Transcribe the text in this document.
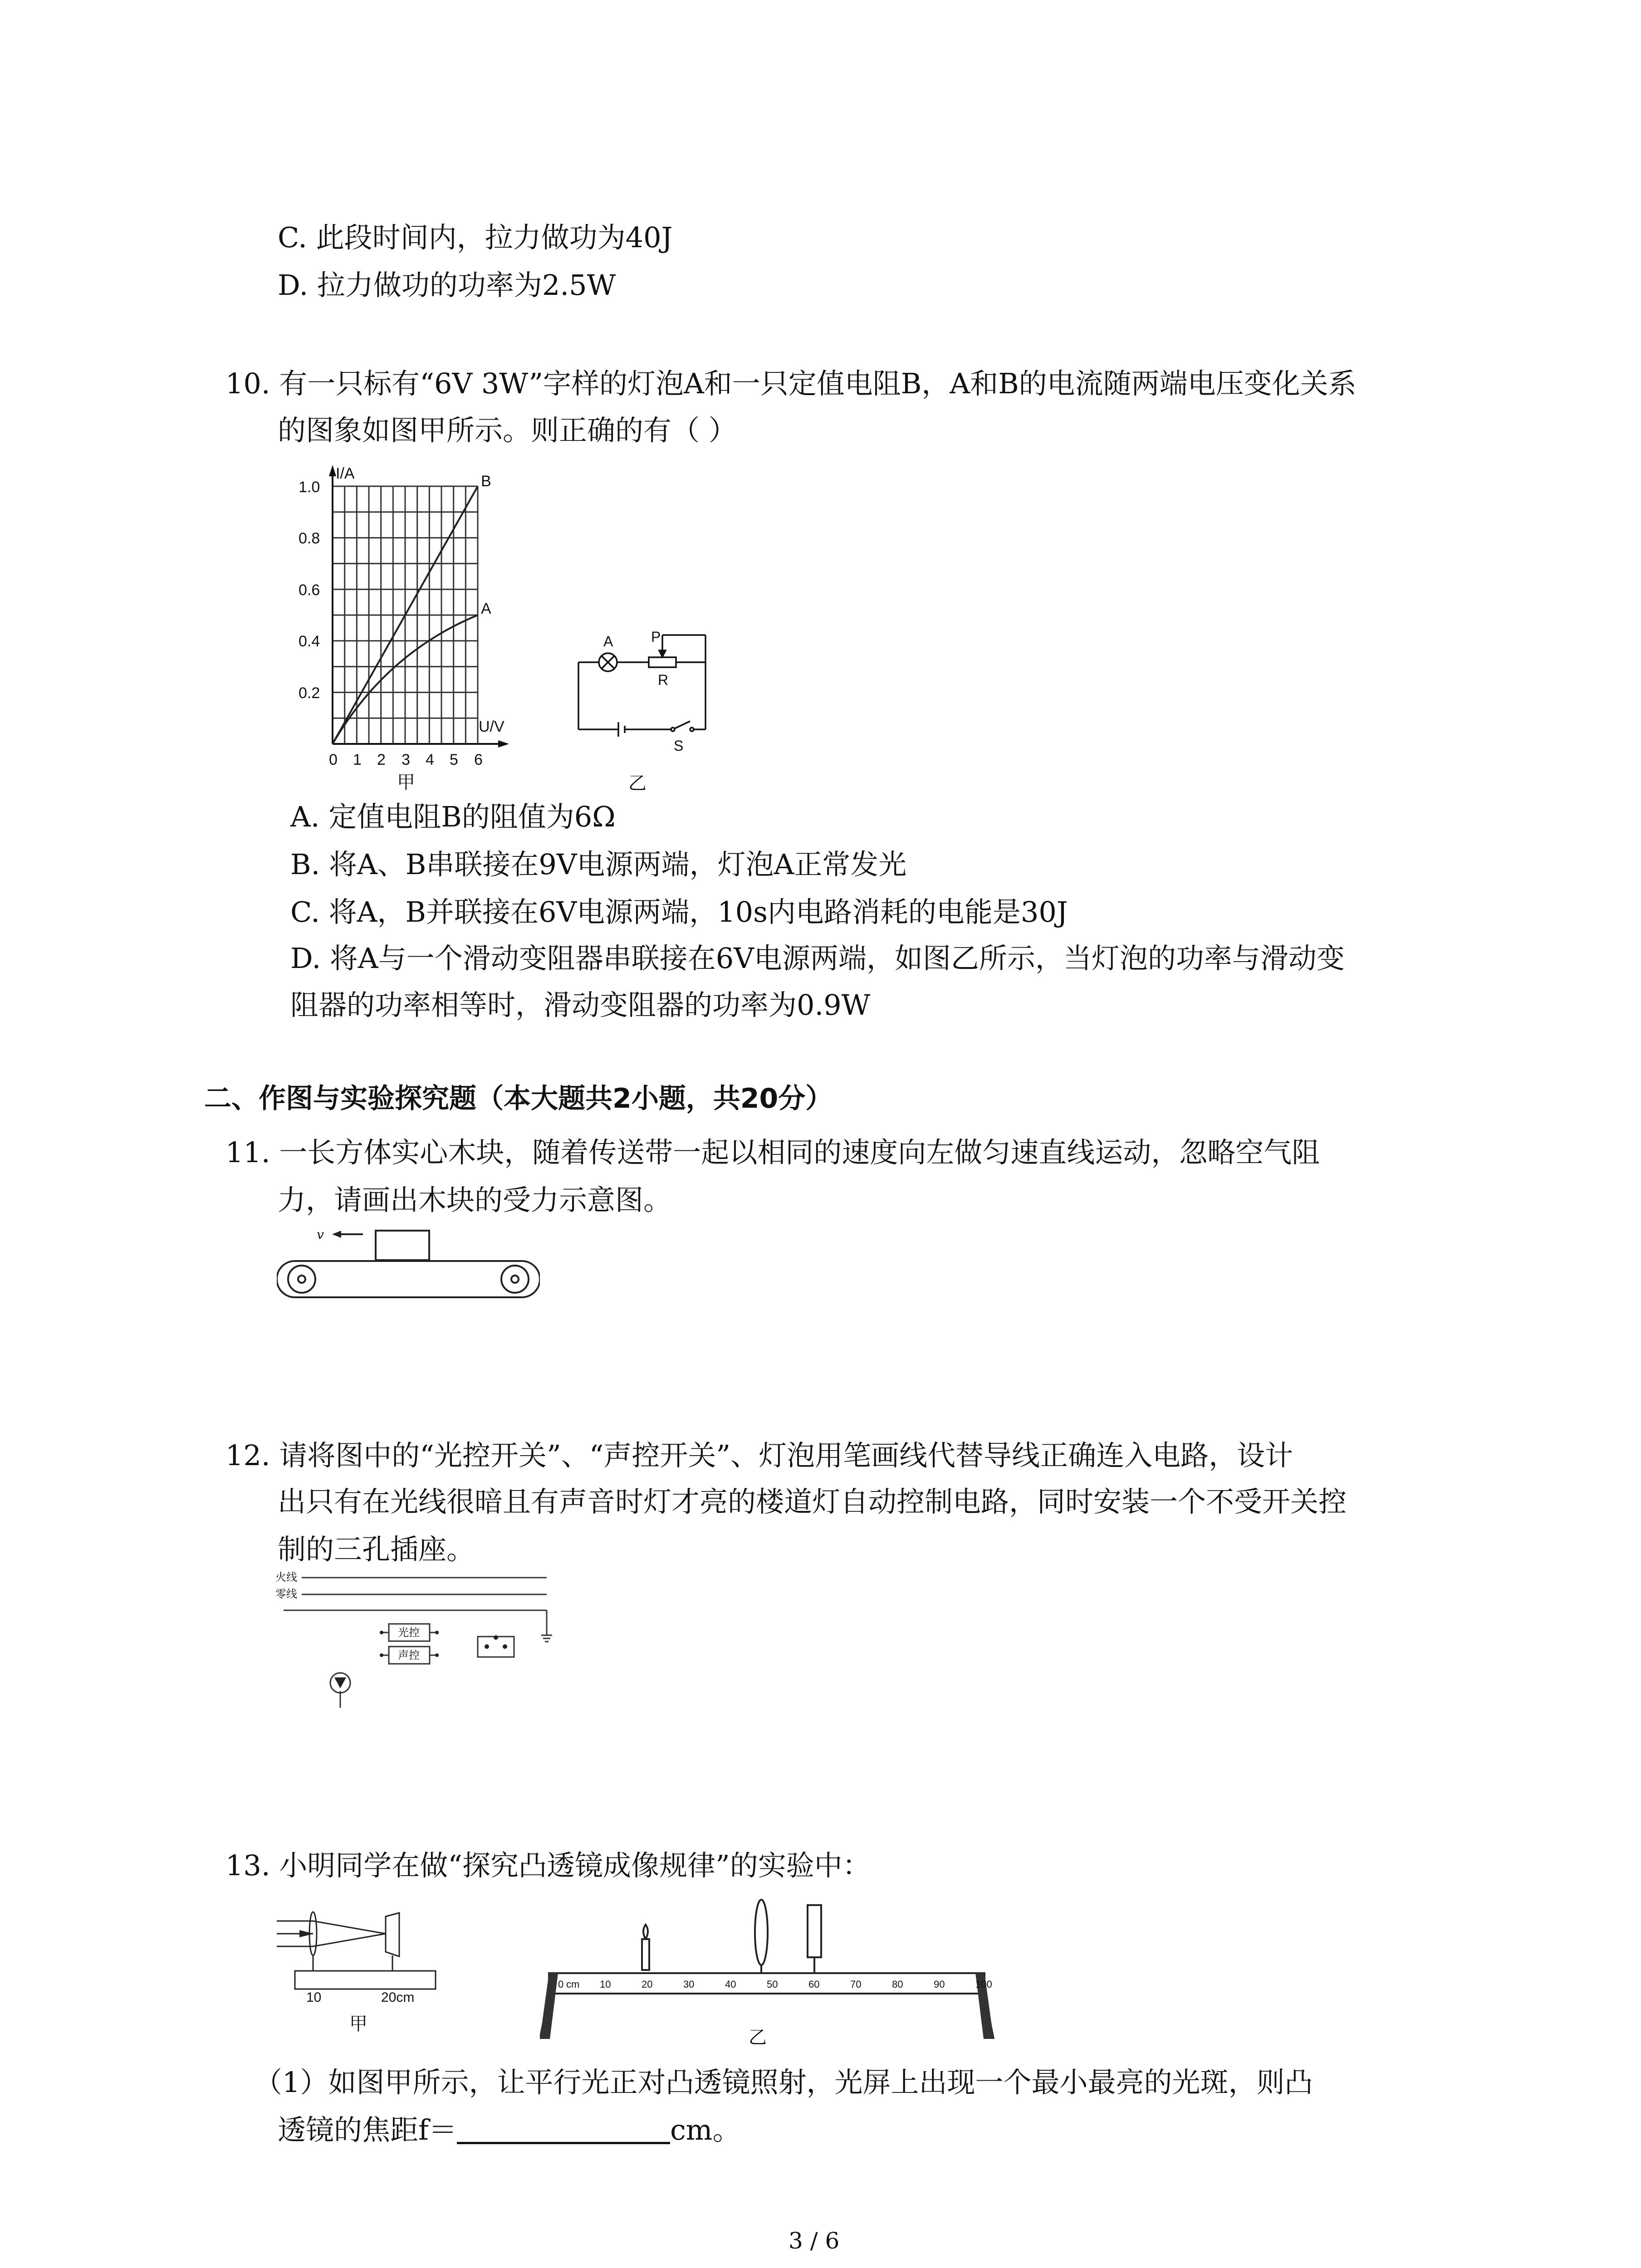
C. 此段时间内，拉力做功为40J
D. 拉力做功的功率为2.5W
10. 有一只标有“6V 3W”字样的灯泡A和一只定值电阻B，A和B的电流随两端电压变化关系
的图象如图甲所示。则正确的有（ ）
I/A
U/V
B
A
1.0
0.8
0.6
0.4
0.2
0 1 2 3 4 5 6
甲
A	P
R
S
乙
A. 定值电阻B的阻值为6Ω
B. 将A、B串联接在9V电源两端，灯泡A正常发光
C. 将A，B并联接在6V电源两端，10s内电路消耗的电能是30J
D. 将A与一个滑动变阻器串联接在6V电源两端，如图乙所示，当灯泡的功率与滑动变
阻器的功率相等时，滑动变阻器的功率为0.9W
二、作图与实验探究题（本大题共2小题，共20分）
11. 一长方体实心木块，随着传送带一起以相同的速度向左做匀速直线运动，忽略空气阻
力，请画出木块的受力示意图。
v
12. 请将图中的“光控开关”、“声控开关”、灯泡用笔画线代替导线正确连入电路，设计
出只有在光线很暗且有声音时灯才亮的楼道灯自动控制电路，同时安装一个不受开关控
制的三孔插座。
火线
零线
光控
声控
13. 小明同学在做“探究凸透镜成像规律”的实验中：
10	20cm
甲
0	10	20	30	40	50	60	70	80	90	100
cm
乙
（1）如图甲所示，让平行光正对凸透镜照射，光屏上出现一个最小最亮的光斑，则凸
透镜的焦距f＝	cm。
3 / 6
